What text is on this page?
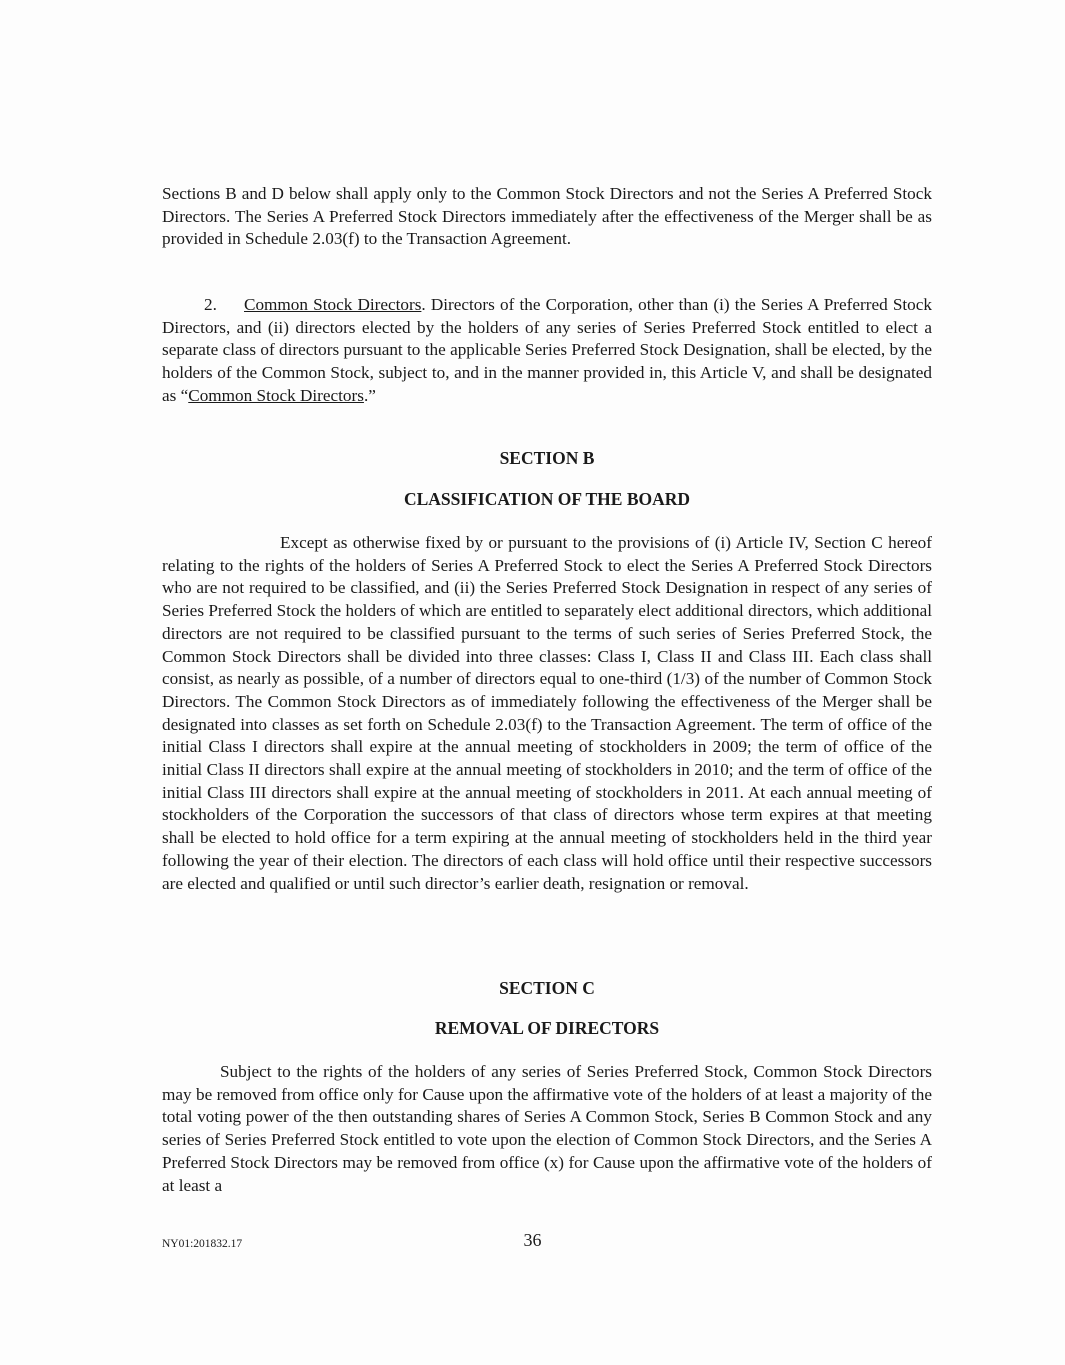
Sections B and D below shall apply only to the Common Stock Directors and not the Series A Preferred Stock Directors. The Series A Preferred Stock Directors immediately after the effectiveness of the Merger shall be as provided in Schedule 2.03(f) to the Transaction Agreement.

2. Common Stock Directors. Directors of the Corporation, other than (i) the Series A Preferred Stock Directors, and (ii) directors elected by the holders of any series of Series Preferred Stock entitled to elect a separate class of directors pursuant to the applicable Series Preferred Stock Designation, shall be elected, by the holders of the Common Stock, subject to, and in the manner provided in, this Article V, and shall be designated as “Common Stock Directors.”

SECTION B
CLASSIFICATION OF THE BOARD

Except as otherwise fixed by or pursuant to the provisions of (i) Article IV, Section C hereof relating to the rights of the holders of Series A Preferred Stock to elect the Series A Preferred Stock Directors who are not required to be classified, and (ii) the Series Preferred Stock Designation in respect of any series of Series Preferred Stock the holders of which are entitled to separately elect additional directors, which additional directors are not required to be classified pursuant to the terms of such series of Series Preferred Stock, the Common Stock Directors shall be divided into three classes: Class I, Class II and Class III. Each class shall consist, as nearly as possible, of a number of directors equal to one-third (1/3) of the number of Common Stock Directors. The Common Stock Directors as of immediately following the effectiveness of the Merger shall be designated into classes as set forth on Schedule 2.03(f) to the Transaction Agreement. The term of office of the initial Class I directors shall expire at the annual meeting of stockholders in 2009; the term of office of the initial Class II directors shall expire at the annual meeting of stockholders in 2010; and the term of office of the initial Class III directors shall expire at the annual meeting of stockholders in 2011. At each annual meeting of stockholders of the Corporation the successors of that class of directors whose term expires at that meeting shall be elected to hold office for a term expiring at the annual meeting of stockholders held in the third year following the year of their election. The directors of each class will hold office until their respective successors are elected and qualified or until such director’s earlier death, resignation or removal.

SECTION C
REMOVAL OF DIRECTORS

Subject to the rights of the holders of any series of Series Preferred Stock, Common Stock Directors may be removed from office only for Cause upon the affirmative vote of the holders of at least a majority of the total voting power of the then outstanding shares of Series A Common Stock, Series B Common Stock and any series of Series Preferred Stock entitled to vote upon the election of Common Stock Directors, and the Series A Preferred Stock Directors may be removed from office (x) for Cause upon the affirmative vote of the holders of at least a

NY01:201832.17	36
